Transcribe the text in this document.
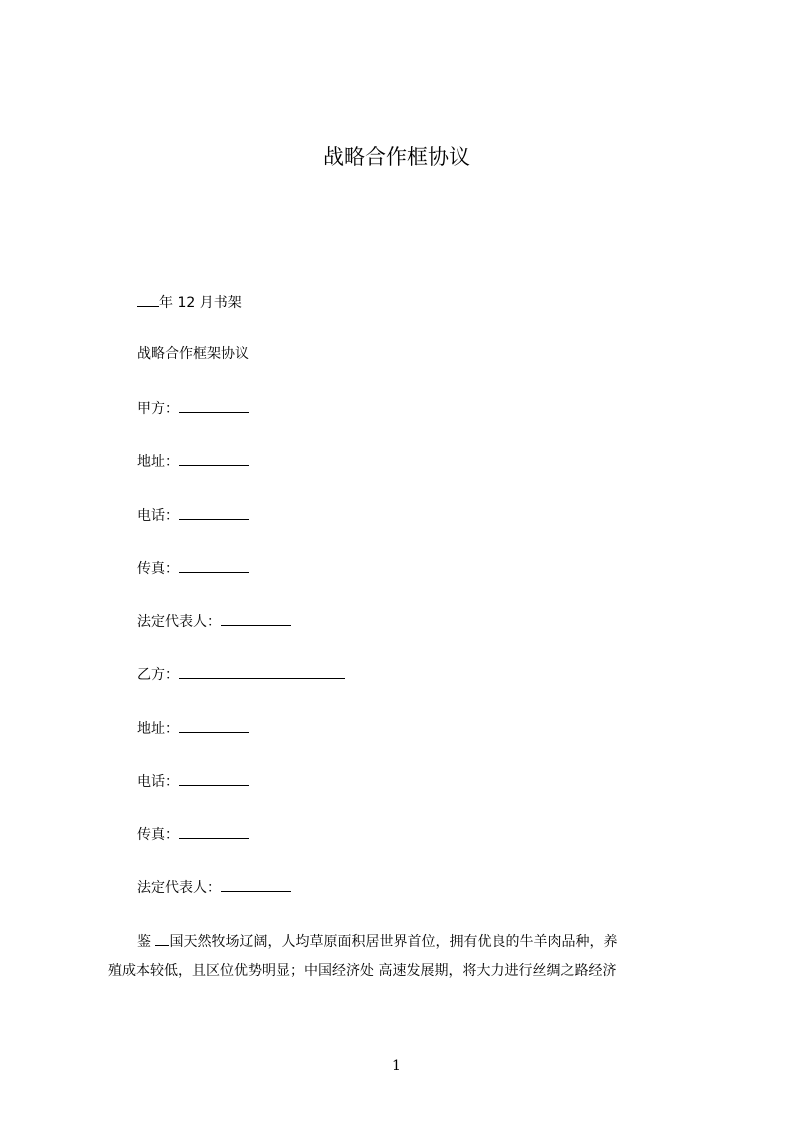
战略合作框协议
年 12 月书架
战略合作框架协议
甲方：
地址：
电话：
传真：
法定代表人：
乙方：
地址：
电话：
传真：
法定代表人：
鉴 国天然牧场辽阔，人均草原面积居世界首位，拥有优良的牛羊肉品种，养
殖成本较低，且区位优势明显；中国经济处 高速发展期，将大力进行丝绸之路经济
1
